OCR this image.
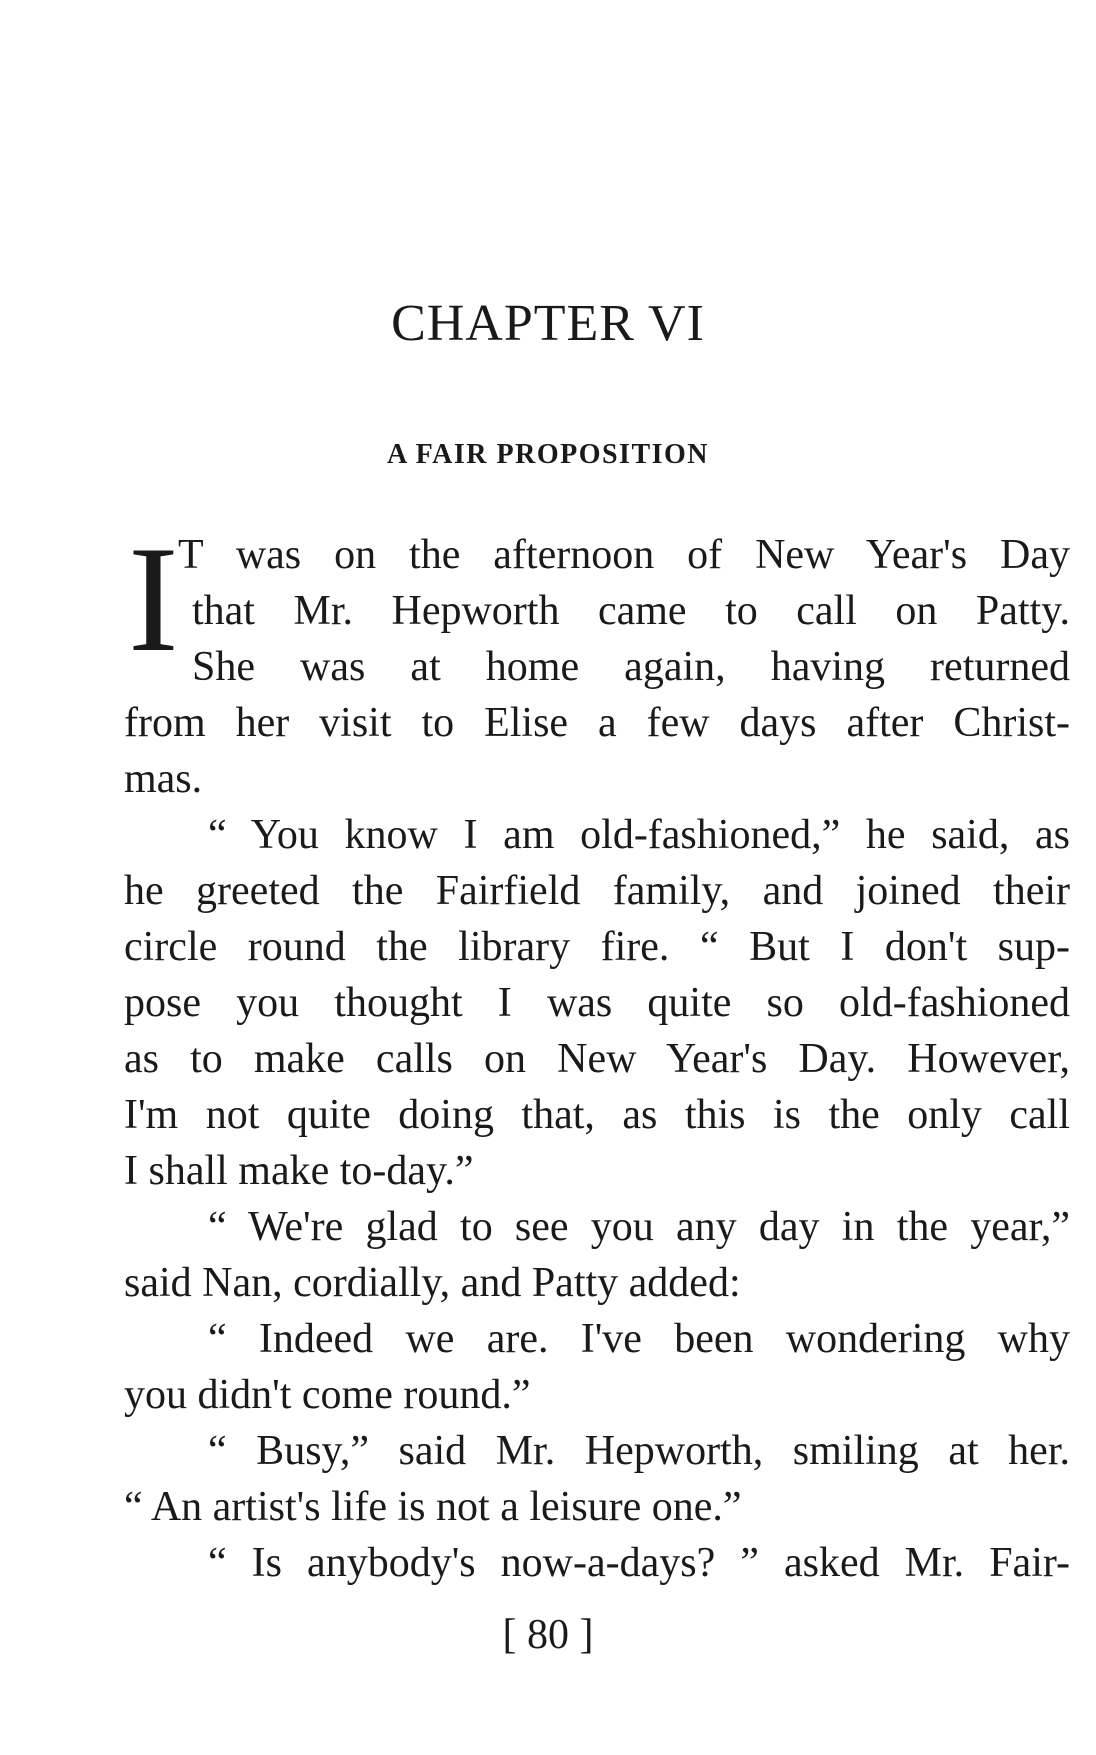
CHAPTER VI
A FAIR PROPOSITION
I T was on the afternoon of New Year's Day
that Mr. Hepworth came to call on Patty.
She was at home again, having returned
from her visit to Elise a few days after Christ-
mas.
“ You know I am old-fashioned,” he said, as
he greeted the Fairfield family, and joined their
circle round the library fire. “ But I don't sup-
pose you thought I was quite so old-fashioned
as to make calls on New Year's Day. However,
I'm not quite doing that, as this is the only call
I shall make to-day.”
“ We're glad to see you any day in the year,”
said Nan, cordially, and Patty added:
“ Indeed we are. I've been wondering why
you didn't come round.”
“ Busy,” said Mr. Hepworth, smiling at her.
“ An artist's life is not a leisure one.”
“ Is anybody's now-a-days? ” asked Mr. Fair-
[ 80 ]
